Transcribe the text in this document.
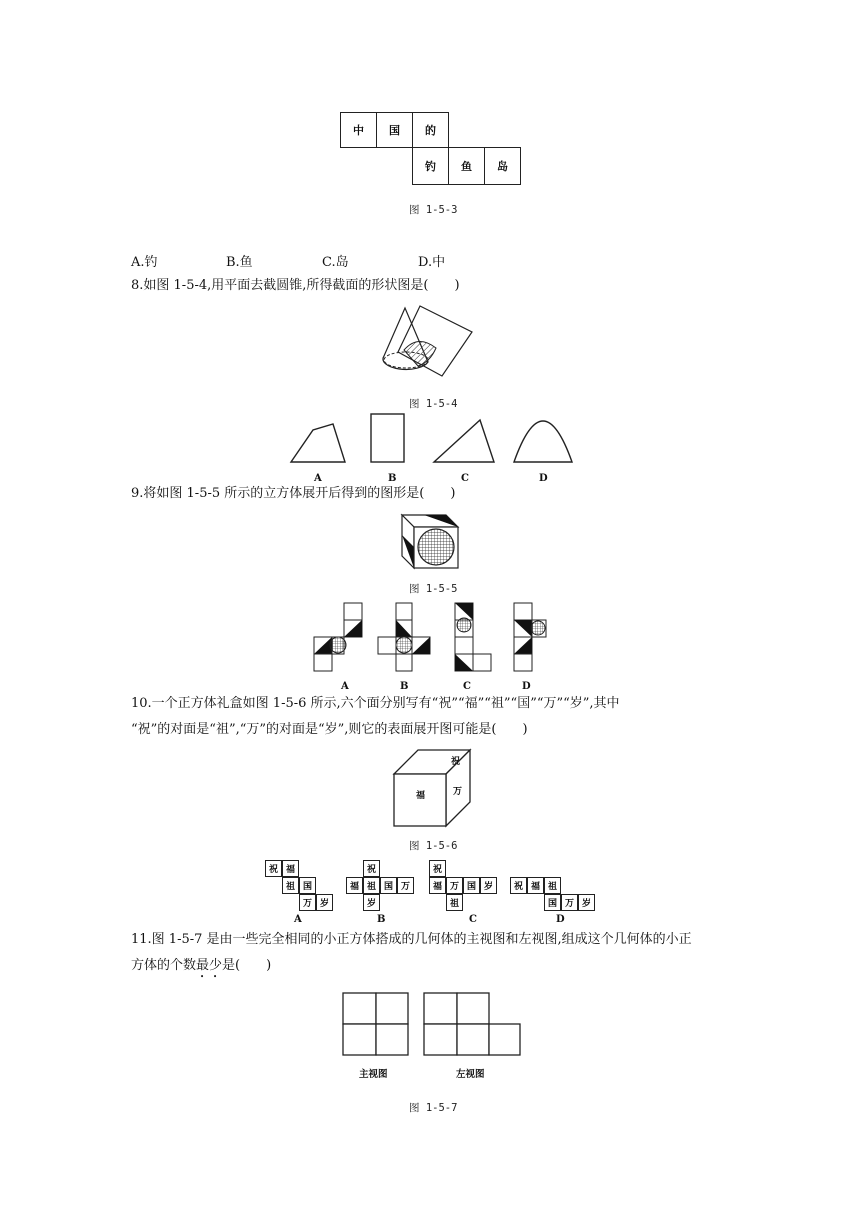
中	国	的
钓	鱼	岛
图 1-5-3
A.钓	B.鱼	C.岛	D.中
8.如图 1-5-4,用平面去截圆锥,所得截面的形状图是(　　)
图 1-5-4
A	B	C	D
9.将如图 1-5-5 所示的立方体展开后得到的图形是(　　)
图 1-5-5
A	B	C	D
10.一个正方体礼盒如图 1-5-6 所示,六个面分别写有“祝”“福”“祖”“国”“万”“岁”,其中
“祝”的对面是“祖”,“万”的对面是“岁”,则它的表面展开图可能是(　　)
祝
福	万
图 1-5-6
祝 福
祖 国
万 岁
祝
福 祖 国 万
岁
祝
福 万 国 岁
祖
祝 福 祖
国 万 岁
A	B	C	D
11.图 1-5-7 是由一些完全相同的小正方体搭成的几何体的主视图和左视图,组成这个几何体的小正
方体的个数最少是(　　)
主视图	左视图
图 1-5-7
